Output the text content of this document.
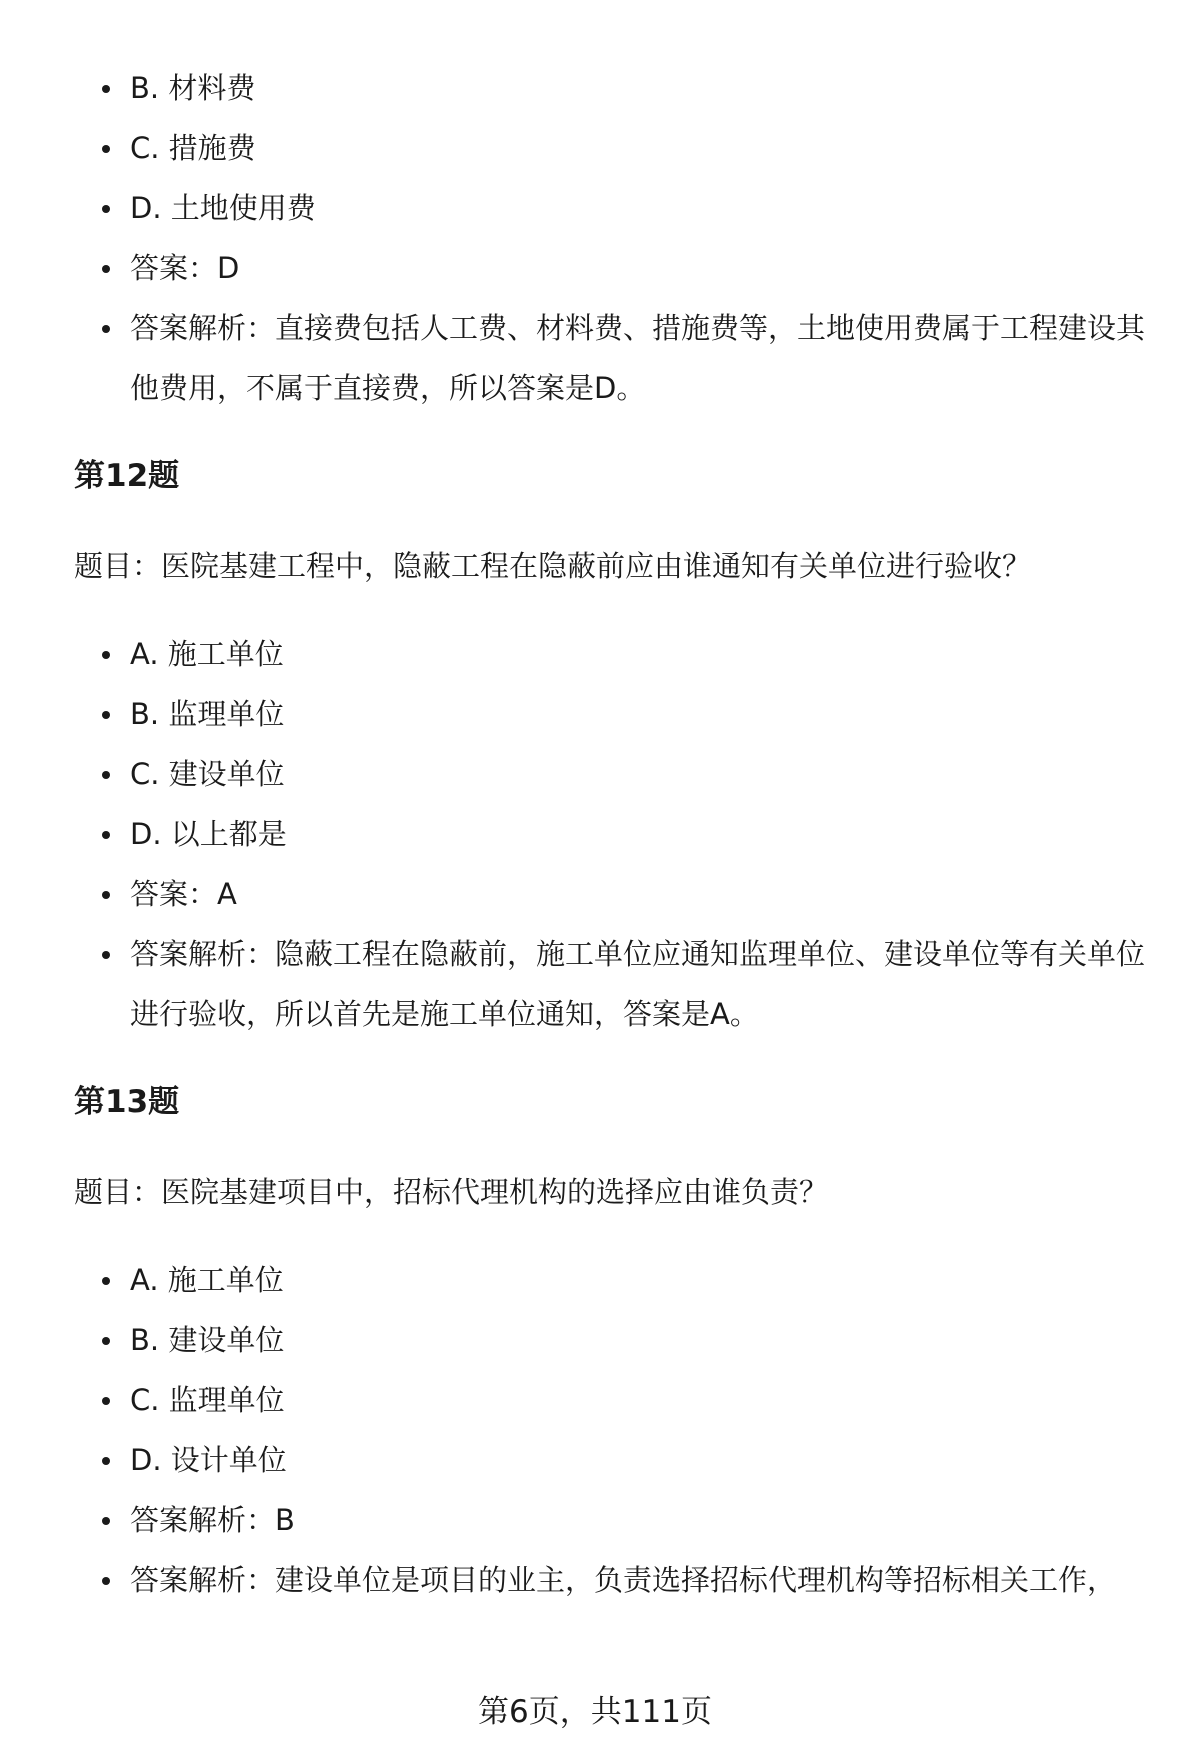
B. 材料费
C. 措施费
D. 土地使用费
答案：D
答案解析：直接费包括人工费、材料费、措施费等，土地使用费属于工程建设其他费用，不属于直接费，所以答案是D。
第12题

题目：医院基建工程中，隐蔽工程在隐蔽前应由谁通知有关单位进行验收？

A. 施工单位
B. 监理单位
C. 建设单位
D. 以上都是
答案：A
答案解析：隐蔽工程在隐蔽前，施工单位应通知监理单位、建设单位等有关单位进行验收，所以首先是施工单位通知，答案是A。
第13题

题目：医院基建项目中，招标代理机构的选择应由谁负责？

A. 施工单位
B. 建设单位
C. 监理单位
D. 设计单位
答案解析：B
答案解析：建设单位是项目的业主，负责选择招标代理机构等招标相关工作，
第6页，共111页
